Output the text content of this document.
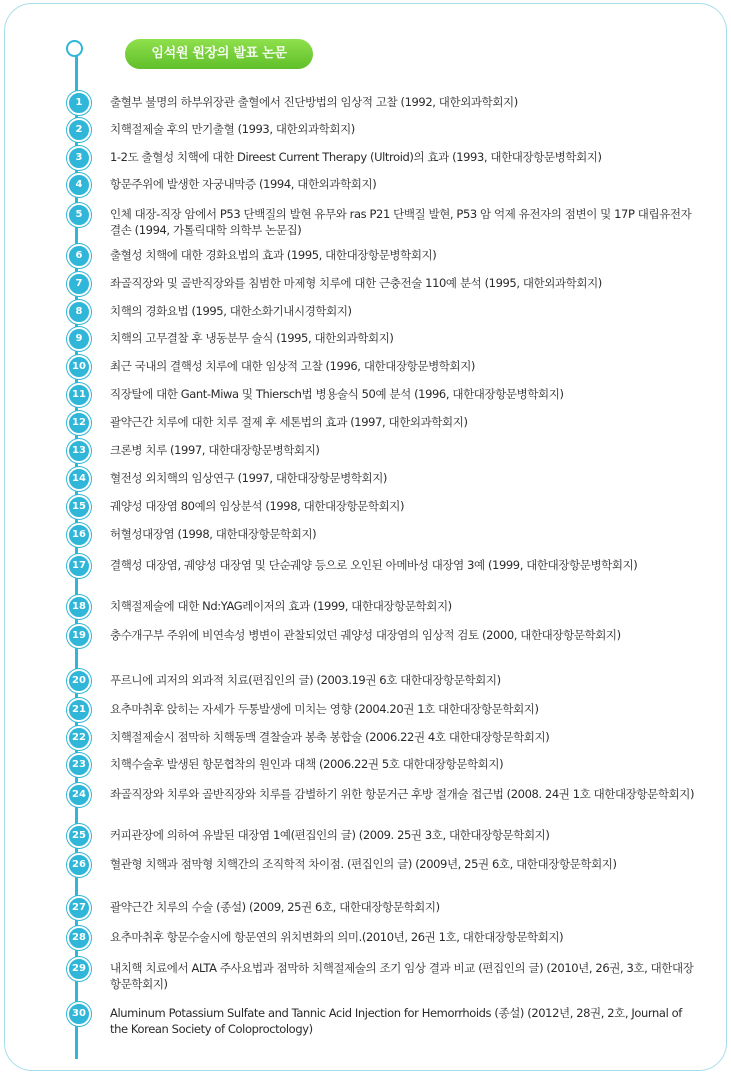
임석원 원장의 발표 논문
1	출혈부 불명의 하부위장관 출혈에서 진단방법의 임상적 고찰 (1992, 대한외과학회지)
2	치핵절제술 후의 만기출혈 (1993, 대한외과학회지)
3	1-2도 출혈성 치핵에 대한 Direest Current Therapy (Ultroid)의 효과 (1993, 대한대장항문병학회지)
4	항문주위에 발생한 자궁내막증 (1994, 대한외과학회지)
5	인체 대장-직장 암에서 P53 단백질의 발현 유무와 ras P21 단백질 발현, P53 암 억제 유전자의 점변이 및 17P 대립유전자 결손 (1994, 가톨릭대학 의학부 논문집)
6	출혈성 치핵에 대한 경화요법의 효과 (1995, 대한대장항문병학회지)
7	좌골직장와 및 골반직장와를 침범한 마제형 치루에 대한 근충전술 110예 분석 (1995, 대한외과학회지)
8	치핵의 경화요법 (1995, 대한소화기내시경학회지)
9	치핵의 고무결찰 후 냉동분무 술식 (1995, 대한외과학회지)
10	최근 국내의 결핵성 치루에 대한 임상적 고찰 (1996, 대한대장항문병학회지)
11	직장탈에 대한 Gant-Miwa 및 Thiersch법 병용술식 50예 분석 (1996, 대한대장항문병학회지)
12	괄약근간 치루에 대한 치루 절제 후 세톤법의 효과 (1997, 대한외과학회지)
13	크론병 치루 (1997, 대한대장항문병학회지)
14	혈전성 외치핵의 임상연구 (1997, 대한대장항문병학회지)
15	궤양성 대장염 80예의 임상분석 (1998, 대한대장항문학회지)
16	허혈성대장염 (1998, 대한대장항문학회지)
17	결핵성 대장염, 궤양성 대장염 및 단순궤양 등으로 오인된 아메바성 대장염 3예 (1999, 대한대장항문병학회지)
18	치핵절제술에 대한 Nd:YAG레이저의 효과 (1999, 대한대장항문학회지)
19	충수개구부 주위에 비연속성 병변이 관찰되었던 궤양성 대장염의 임상적 검토 (2000, 대한대장항문학회지)
20	푸르니에 괴저의 외과적 치료(편집인의 글) (2003.19권 6호 대한대장항문학회지)
21	요추마취후 앉히는 자세가 두통발생에 미치는 영향 (2004.20권 1호 대한대장항문학회지)
22	치핵절제술시 점막하 치핵동맥 결찰술과 봉축 봉합술 (2006.22권 4호 대한대장항문학회지)
23	치핵수술후 발생된 항문협착의 원인과 대책 (2006.22권 5호 대한대장항문학회지)
24	좌골직장와 치루와 골반직장와 치루를 감별하기 위한 항문거근 후방 절개술 접근법 (2008. 24권 1호 대한대장항문학회지)
25	커피관장에 의하여 유발된 대장염 1예(편집인의 글) (2009. 25권 3호, 대한대장항문학회지)
26	혈관형 치핵과 점막형 치핵간의 조직학적 차이점. (편집인의 글) (2009년, 25권 6호, 대한대장항문학회지)
27	괄약근간 치루의 수술 (종설) (2009, 25권 6호, 대한대장항문학회지)
28	요추마취후 항문수술시에 항문연의 위치변화의 의미.(2010년, 26권 1호, 대한대장항문학회지)
29	내치핵 치료에서 ALTA 주사요법과 점막하 치핵절제술의 조기 임상 결과 비교 (편집인의 글) (2010년, 26권, 3호, 대한대장항문학회지)
30	Aluminum Potassium Sulfate and Tannic Acid Injection for Hemorrhoids (종설) (2012년, 28권, 2호, Journal of the Korean Society of Coloproctology)
